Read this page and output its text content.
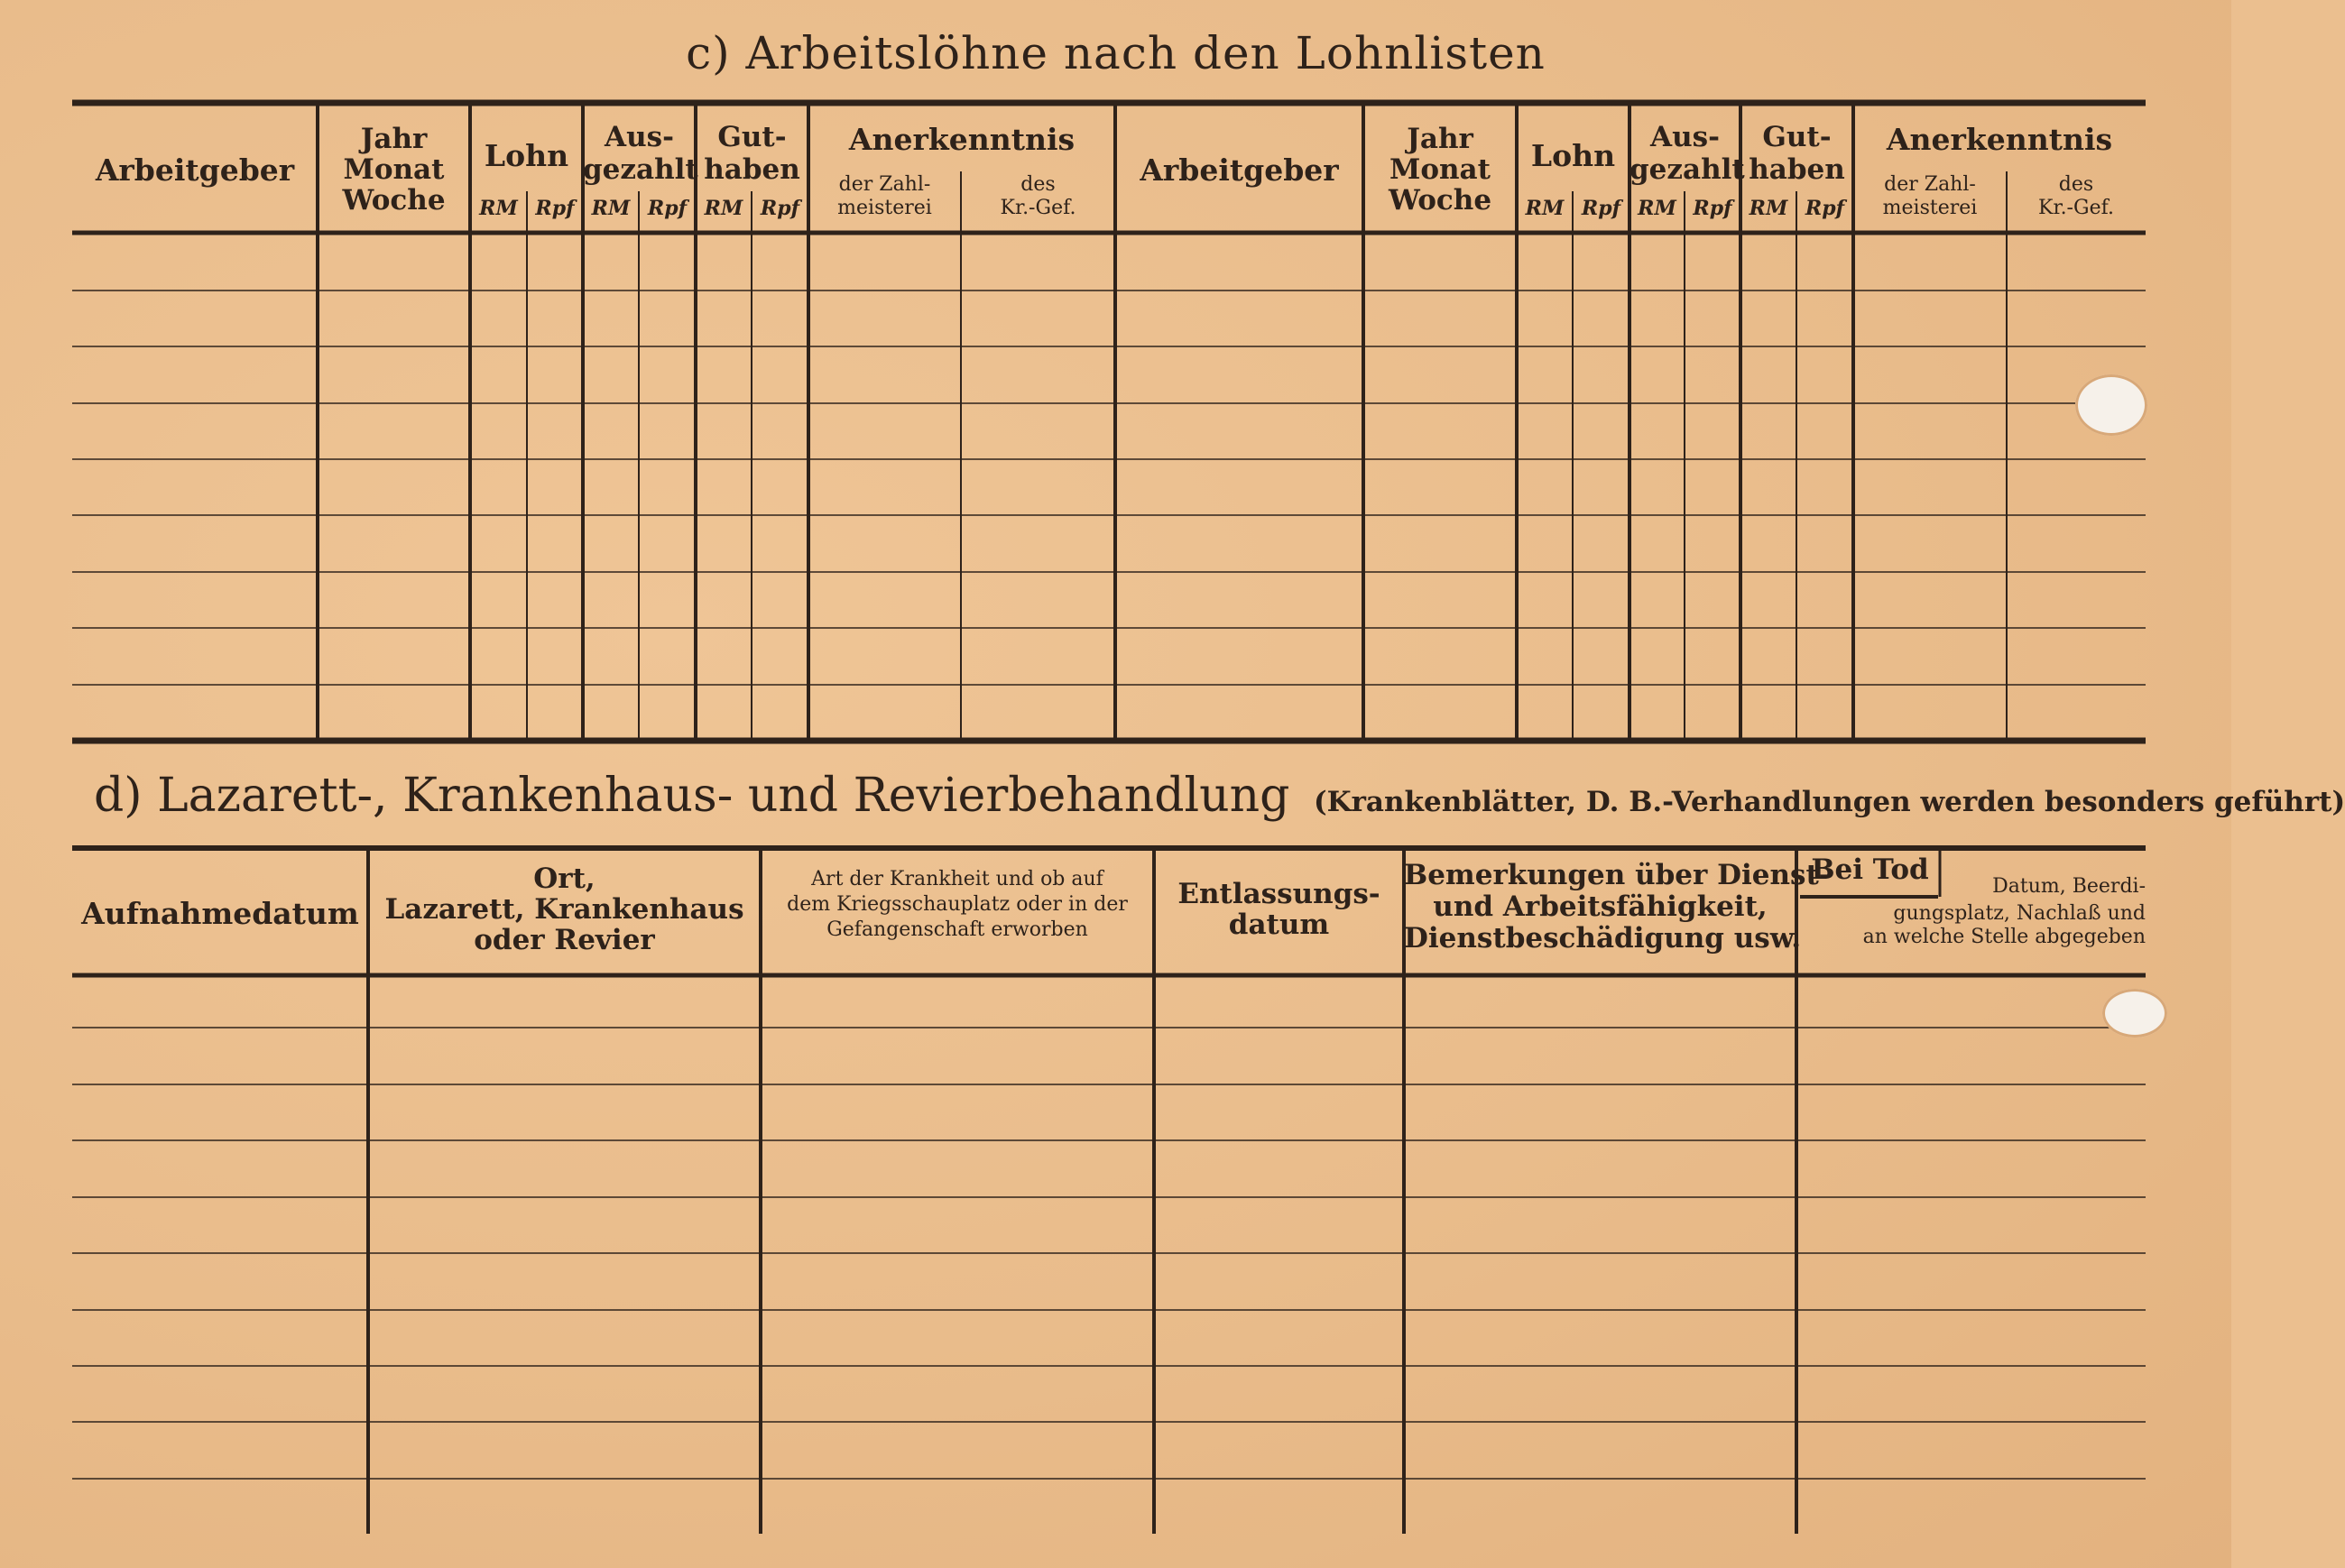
c) Arbeitslöhne nach den Lohnlisten
Arbeitgeber
Jahr
Monat
Woche
Lohn
RM Rpf
Aus-
gezahlt
RM Rpf
Gut-
haben
RM Rpf
Anerkenntnis
der Zahl-
meisterei
des
Kr.-Gef.
Arbeitgeber
Jahr
Monat
Woche
Lohn
RM Rpf
Aus-
gezahlt
RM Rpf
Gut-
haben
RM Rpf
Anerkenntnis
der Zahl-
meisterei
des
Kr.-Gef.
d) Lazarett-, Krankenhaus- und Revierbehandlung (Krankenblätter, D. B.-Verhandlungen werden besonders geführt)
Aufnahmedatum
Ort,
Lazarett, Krankenhaus
oder Revier
Art der Krankheit und ob auf
dem Kriegsschauplatz oder in der
Gefangenschaft erworben
Entlassungs-
datum
Bemerkungen über Dienst-
und Arbeitsfähigkeit,
Dienstbeschädigung usw.
Bei Tod
Datum, Beerdi-
gungsplatz, Nachlaß und
an welche Stelle abgegeben
